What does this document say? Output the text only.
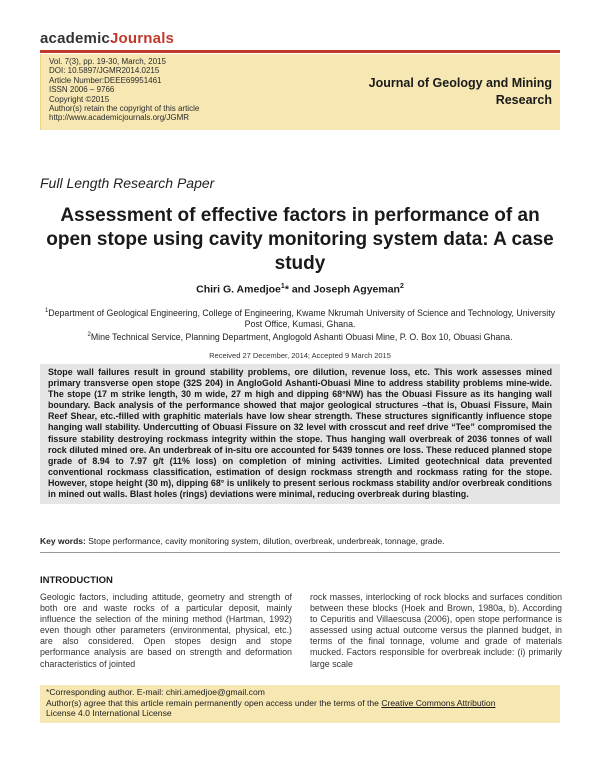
academicJournals
Vol. 7(3), pp. 19-30, March, 2015
DOI: 10.5897/JGMR2014.0215
Article Number:DEEE69951461
ISSN 2006 – 9766
Copyright ©2015
Author(s) retain the copyright of this article
http://www.academicjournals.org/JGMR
Journal of Geology and Mining
Research
Full Length Research Paper
Assessment of effective factors in performance of an open stope using cavity monitoring system data: A case study
Chiri G. Amedjoe$^1$* and Joseph Agyeman$^2$
$^1$Department of Geological Engineering, College of Engineering, Kwame Nkrumah University of Science and Technology, University Post Office, Kumasi, Ghana.
$^2$Mine Technical Service, Planning Department, Anglogold Ashanti Obuasi Mine, P. O. Box 10, Obuasi Ghana.
Received 27 December, 2014; Accepted 9 March 2015
Stope wall failures result in ground stability problems, ore dilution, revenue loss, etc. This work assesses mined primary transverse open stope (32S 204) in AngloGold Ashanti-Obuasi Mine to address stability problems mine-wide. The stope (17 m strike length, 30 m wide, 27 m high and dipping 68°NW) has the Obuasi Fissure as its hanging wall boundary. Back analysis of the performance showed that major geological structures –that is, Obuasi Fissure, Main Reef Shear, etc.-filled with graphitic materials have low shear strength. These structures significantly influence stope hanging wall stability. Undercutting of Obuasi Fissure on 32 level with crosscut and reef drive “Tee” compromised the fissure stability destroying rockmass integrity within the stope. Thus hanging wall overbreak of 2036 tonnes of wall rock diluted mined ore. An underbreak of in-situ ore accounted for 5439 tonnes ore loss. These reduced planned stope grade of 8.94 to 7.97 g/t (11% loss) on completion of mining activities. Limited geotechnical data prevented conventional rockmass classification, estimation of design rockmass strength and rockmass rating for the stope. However, stope height (30 m), dipping 68° is unlikely to present serious rockmass stability and/or overbreak conditions in mined out walls. Blast holes (rings) deviations were minimal, reducing overbreak during blasting.
Key words: Stope performance, cavity monitoring system, dilution, overbreak, underbreak, tonnage, grade.
INTRODUCTION
Geologic factors, including attitude, geometry and strength of both ore and waste rocks of a particular deposit, mainly influence the selection of the mining method (Hartman, 1992) even though other parameters (environmental, physical, etc.) are also considered. Open stopes design and stope performance analysis are based on strength and deformation characteristics of jointed
rock masses, interlocking of rock blocks and surfaces condition between these blocks (Hoek and Brown, 1980a, b). According to Cepuritis and Villaescusa (2006), open stope performance is assessed using actual outcome versus the planned budget, in terms of the final tonnage, volume and grade of materials mucked. Factors responsible for overbreak include: (i) primarily large scale
*Corresponding author. E-mail: chiri.amedjoe@gmail.com
Author(s) agree that this article remain permanently open access under the terms of the Creative Commons Attribution
License 4.0 International License
